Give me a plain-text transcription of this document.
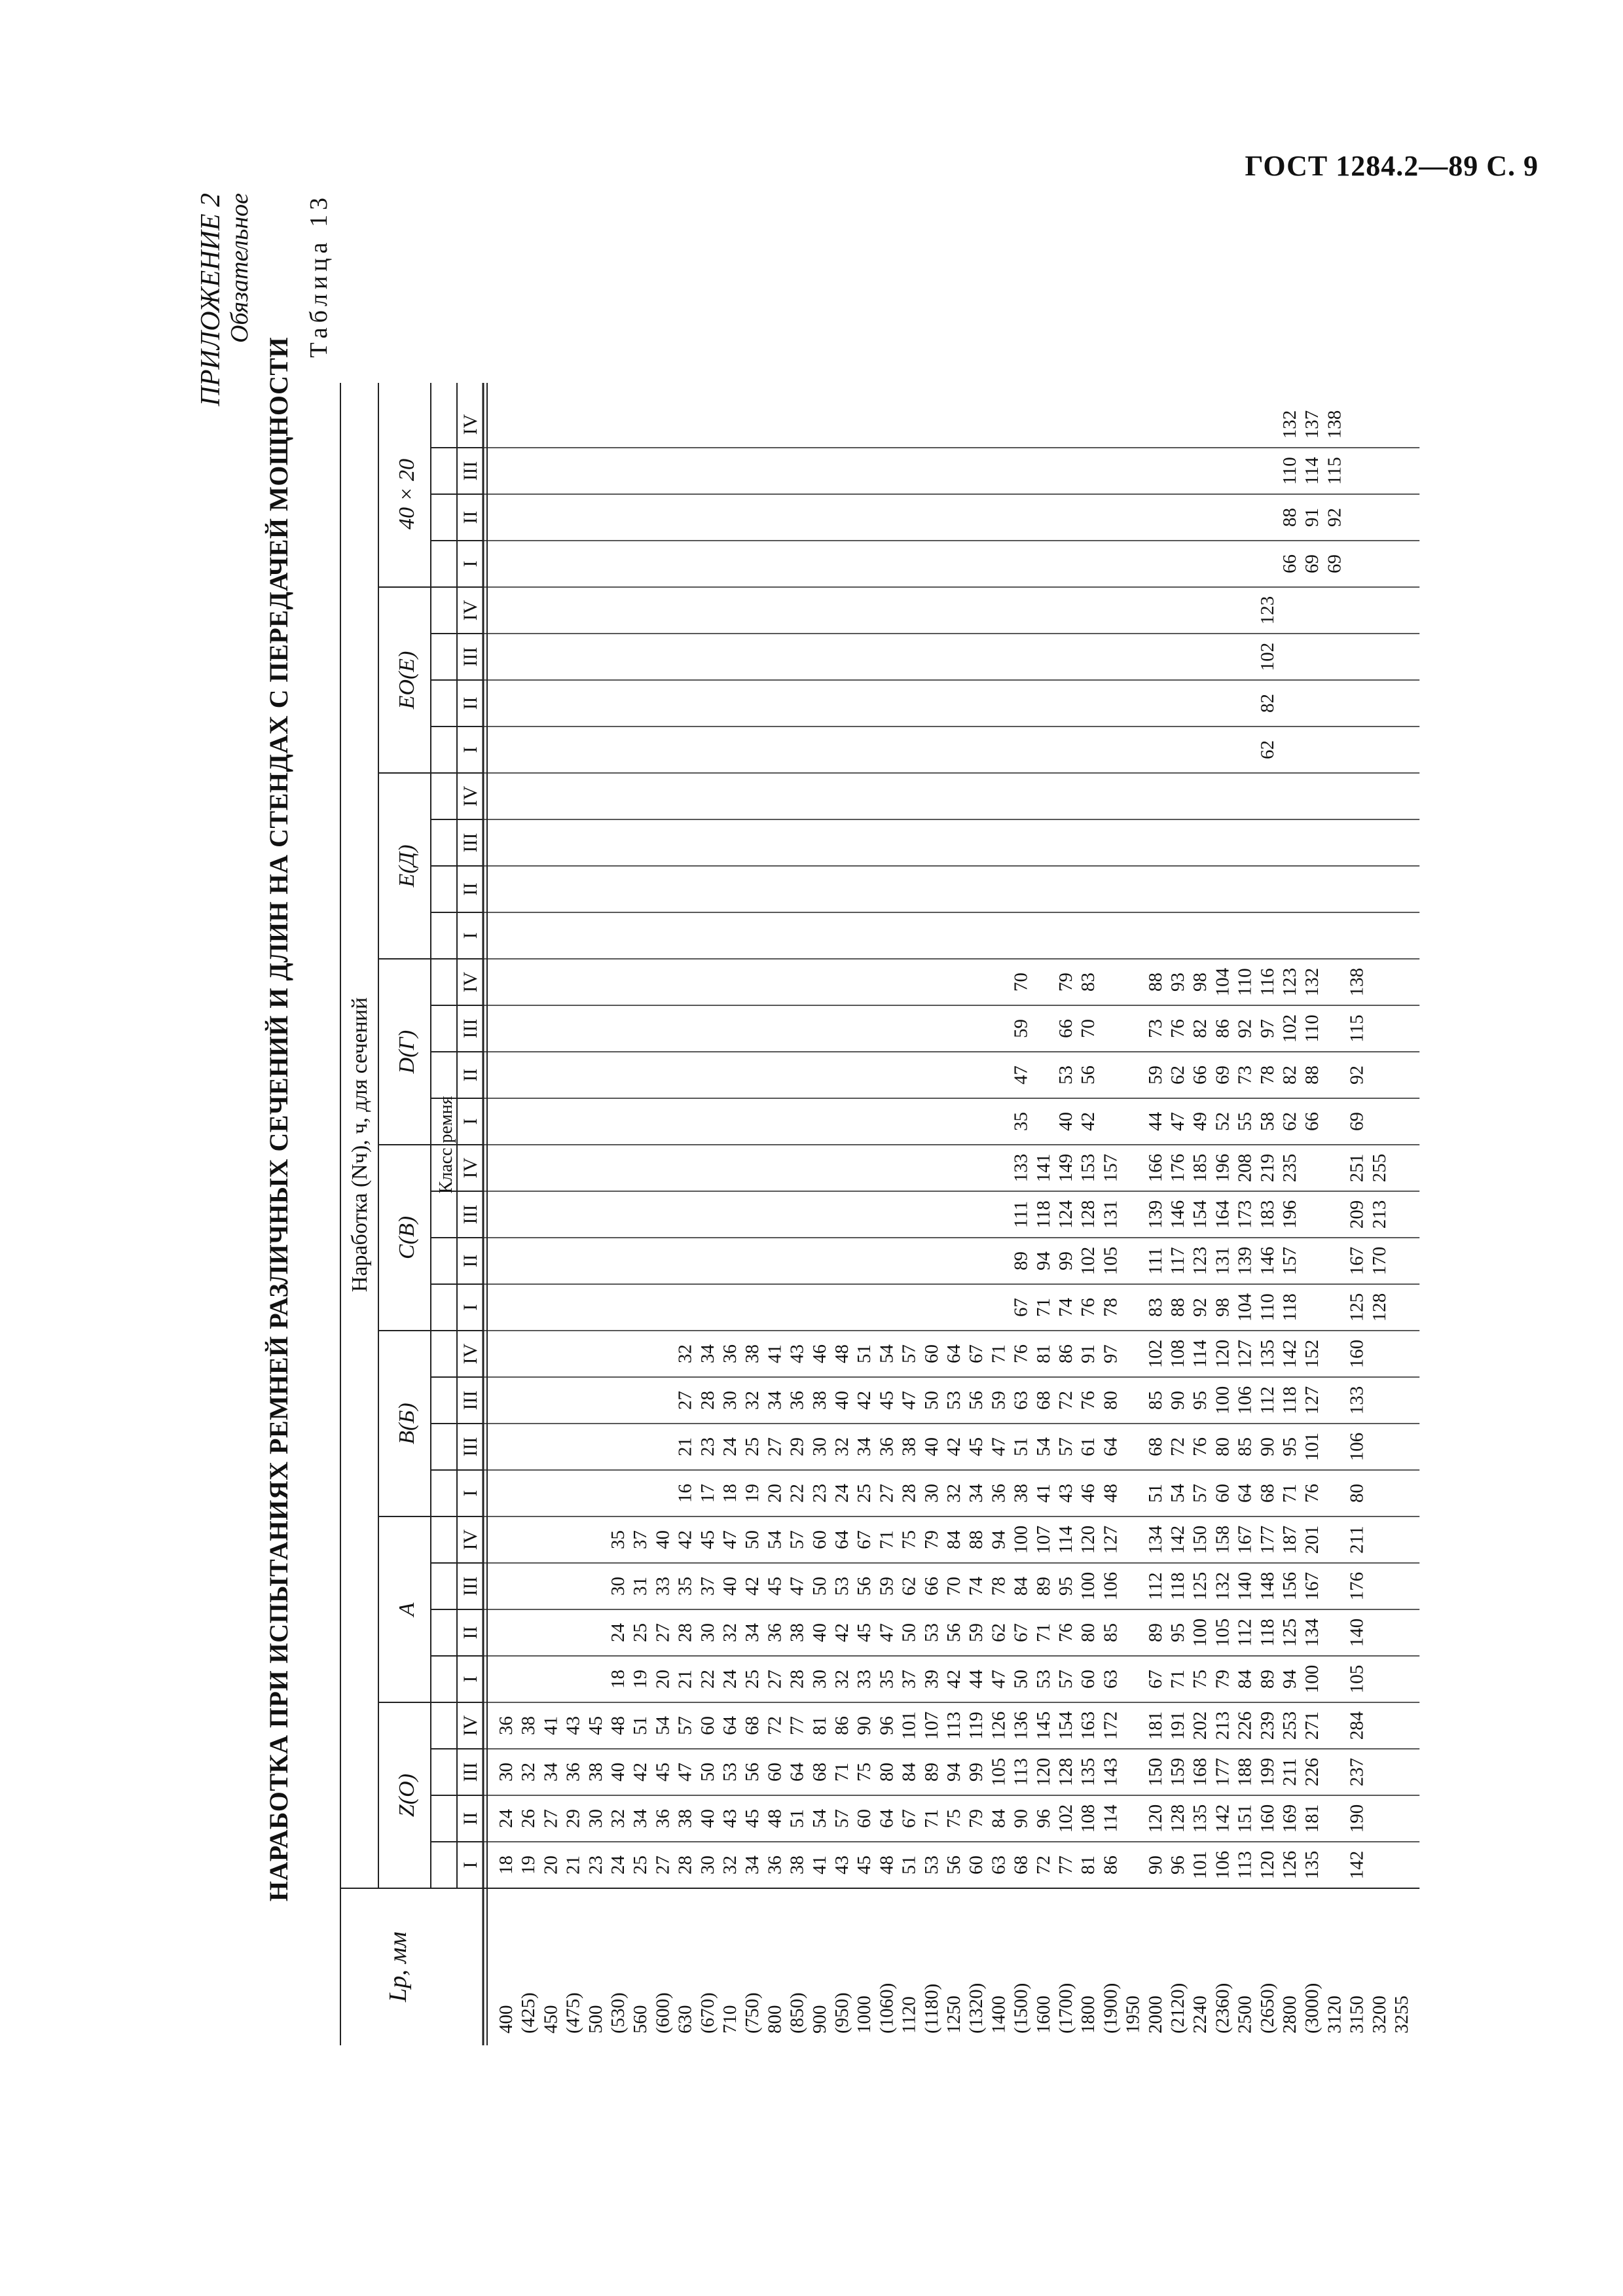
ГОСТ 1284.2—89 С. 9
ПРИЛОЖЕНИЕ 2 Обязательное
НАРАБОТКА ПРИ ИСПЫТАНИЯХ РЕМНЕЙ РАЗЛИЧНЫХ СЕЧЕНИЙ И ДЛИН НА СТЕНДАХ С ПЕРЕДАЧЕЙ МОЩНОСТИ
Таблица 13
Lp, мм
Наработка (Nч), ч, для сечений	Класс ремня
Z(O)
A
B(Б)
C(B)
D(Г)
E(Д)
EO(E)
40 × 20
I
II
III
IV
I
II
III
IV
I
III
III
IV
I
II
III
IV
I
II
III
IV
I
II
III
IV
I
II
III
IV
I
II
III
IV
400 (425) 450 (475) 500 (530) 560 (600) 630 (670) 710 (750) 800 (850) 900 (950) 1000 (1060) 1120 (1180) 1250 (1320) 1400 (1500) 1600 (1700) 1800 (1900) 1950 2000 (2120) 2240 (2360) 2500 (2650) 2800 (3000) 3120 3150 3200 3255
18
24
30
36
19
26
32
38
20
27
34
41
21
29
36
43
23
30
38
45
24
32
40
48
18
24
30
35
25
34
42
51
19
25
31
37
27
36
45
54
20
27
33
40
28
38
47
57
21
28
35
42
16
21
27
32
30
40
50
60
22
30
37
45
17
23
28
34
32
43
53
64
24
32
40
47
18
24
30
36
34
45
56
68
25
34
42
50
19
25
32
38
36
48
60
72
27
36
45
54
20
27
34
41
38
51
64
77
28
38
47
57
22
29
36
43
41
54
68
81
30
40
50
60
23
30
38
46
43
57
71
86
32
42
53
64
24
32
40
48
45
60
75
90
33
45
56
67
25
34
42
51
48
64
80
96
35
47
59
71
27
36
45
54
51
67
84
101
37
50
62
75
28
38
47
57
53
71
89
107
39
53
66
79
30
40
50
60
56
75
94
113
42
56
70
84
32
42
53
64
60
79
99
119
44
59
74
88
34
45
56
67
63
84
105
126
47
62
78
94
36
47
59
71
68
90
113
136
50
67
84
100
38
51
63
76
67
89
111
133
35
47
59
70
72
96
120
145
53
71
89
107
41
54
68
81
71
94
118
141
77
102
128
154
57
76
95
114
43
57
72
86
74
99
124
149
40
53
66
79
81
108
135
163
60
80
100
120
46
61
76
91
76
102
128
153
42
56
70
83
86
114
143
172
63
85
106
127
48
64
80
97
78
105
131
157
90
120
150
181
67
89
112
134
51
68
85
102
83
111
139
166
44
59
73
88
96
128
159
191
71
95
118
142
54
72
90
108
88
117
146
176
47
62
76
93
101
135
168
202
75
100
125
150
57
76
95
114
92
123
154
185
49
66
82
98
106
142
177
213
79
105
132
158
60
80
100
120
98
131
164
196
52
69
86
104
113
151
188
226
84
112
140
167
64
85
106
127
104
139
173
208
55
73
92
110
120
160
199
239
89
118
148
177
68
90
112
135
110
146
183
219
58
78
97
116
62
82
102
123
126
169
211
253
94
125
156
187
71
95
118
142
118
157
196
235
62
82
102
123
66
88
110
132
135
181
226
271
100
134
167
201
76
101
127
152
66
88
110
132
69
91
114
137
69
92
115
138
142
190
237
284
105
140
176
211
80
106
133
160
125
167
209
251
69
92
115
138
128
170
213
255
